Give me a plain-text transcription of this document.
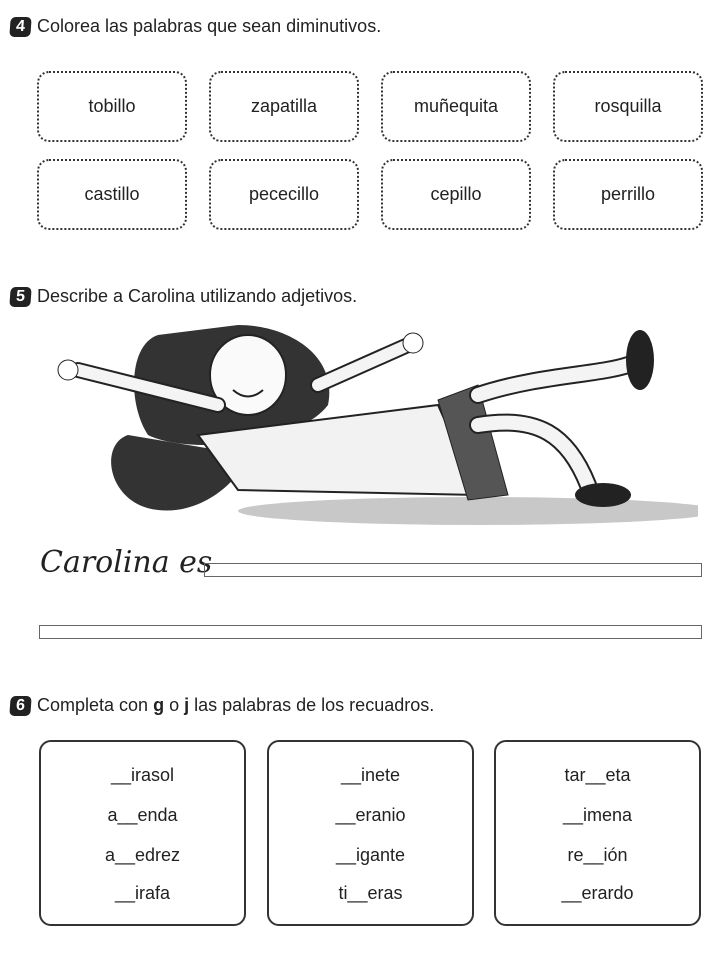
4 Colorea las palabras que sean diminutivos.
tobillo	zapatilla	muñequita	rosquilla
castillo	pececillo	cepillo	perrillo
5 Describe a Carolina utilizando adjetivos.
Carolina es
6 Completa con g o j las palabras de los recuadros.
__irasol
a__enda
a__edrez
__irafa
__inete
__eranio
__igante
ti__eras
tar__eta
__imena
re__ión
__erardo
